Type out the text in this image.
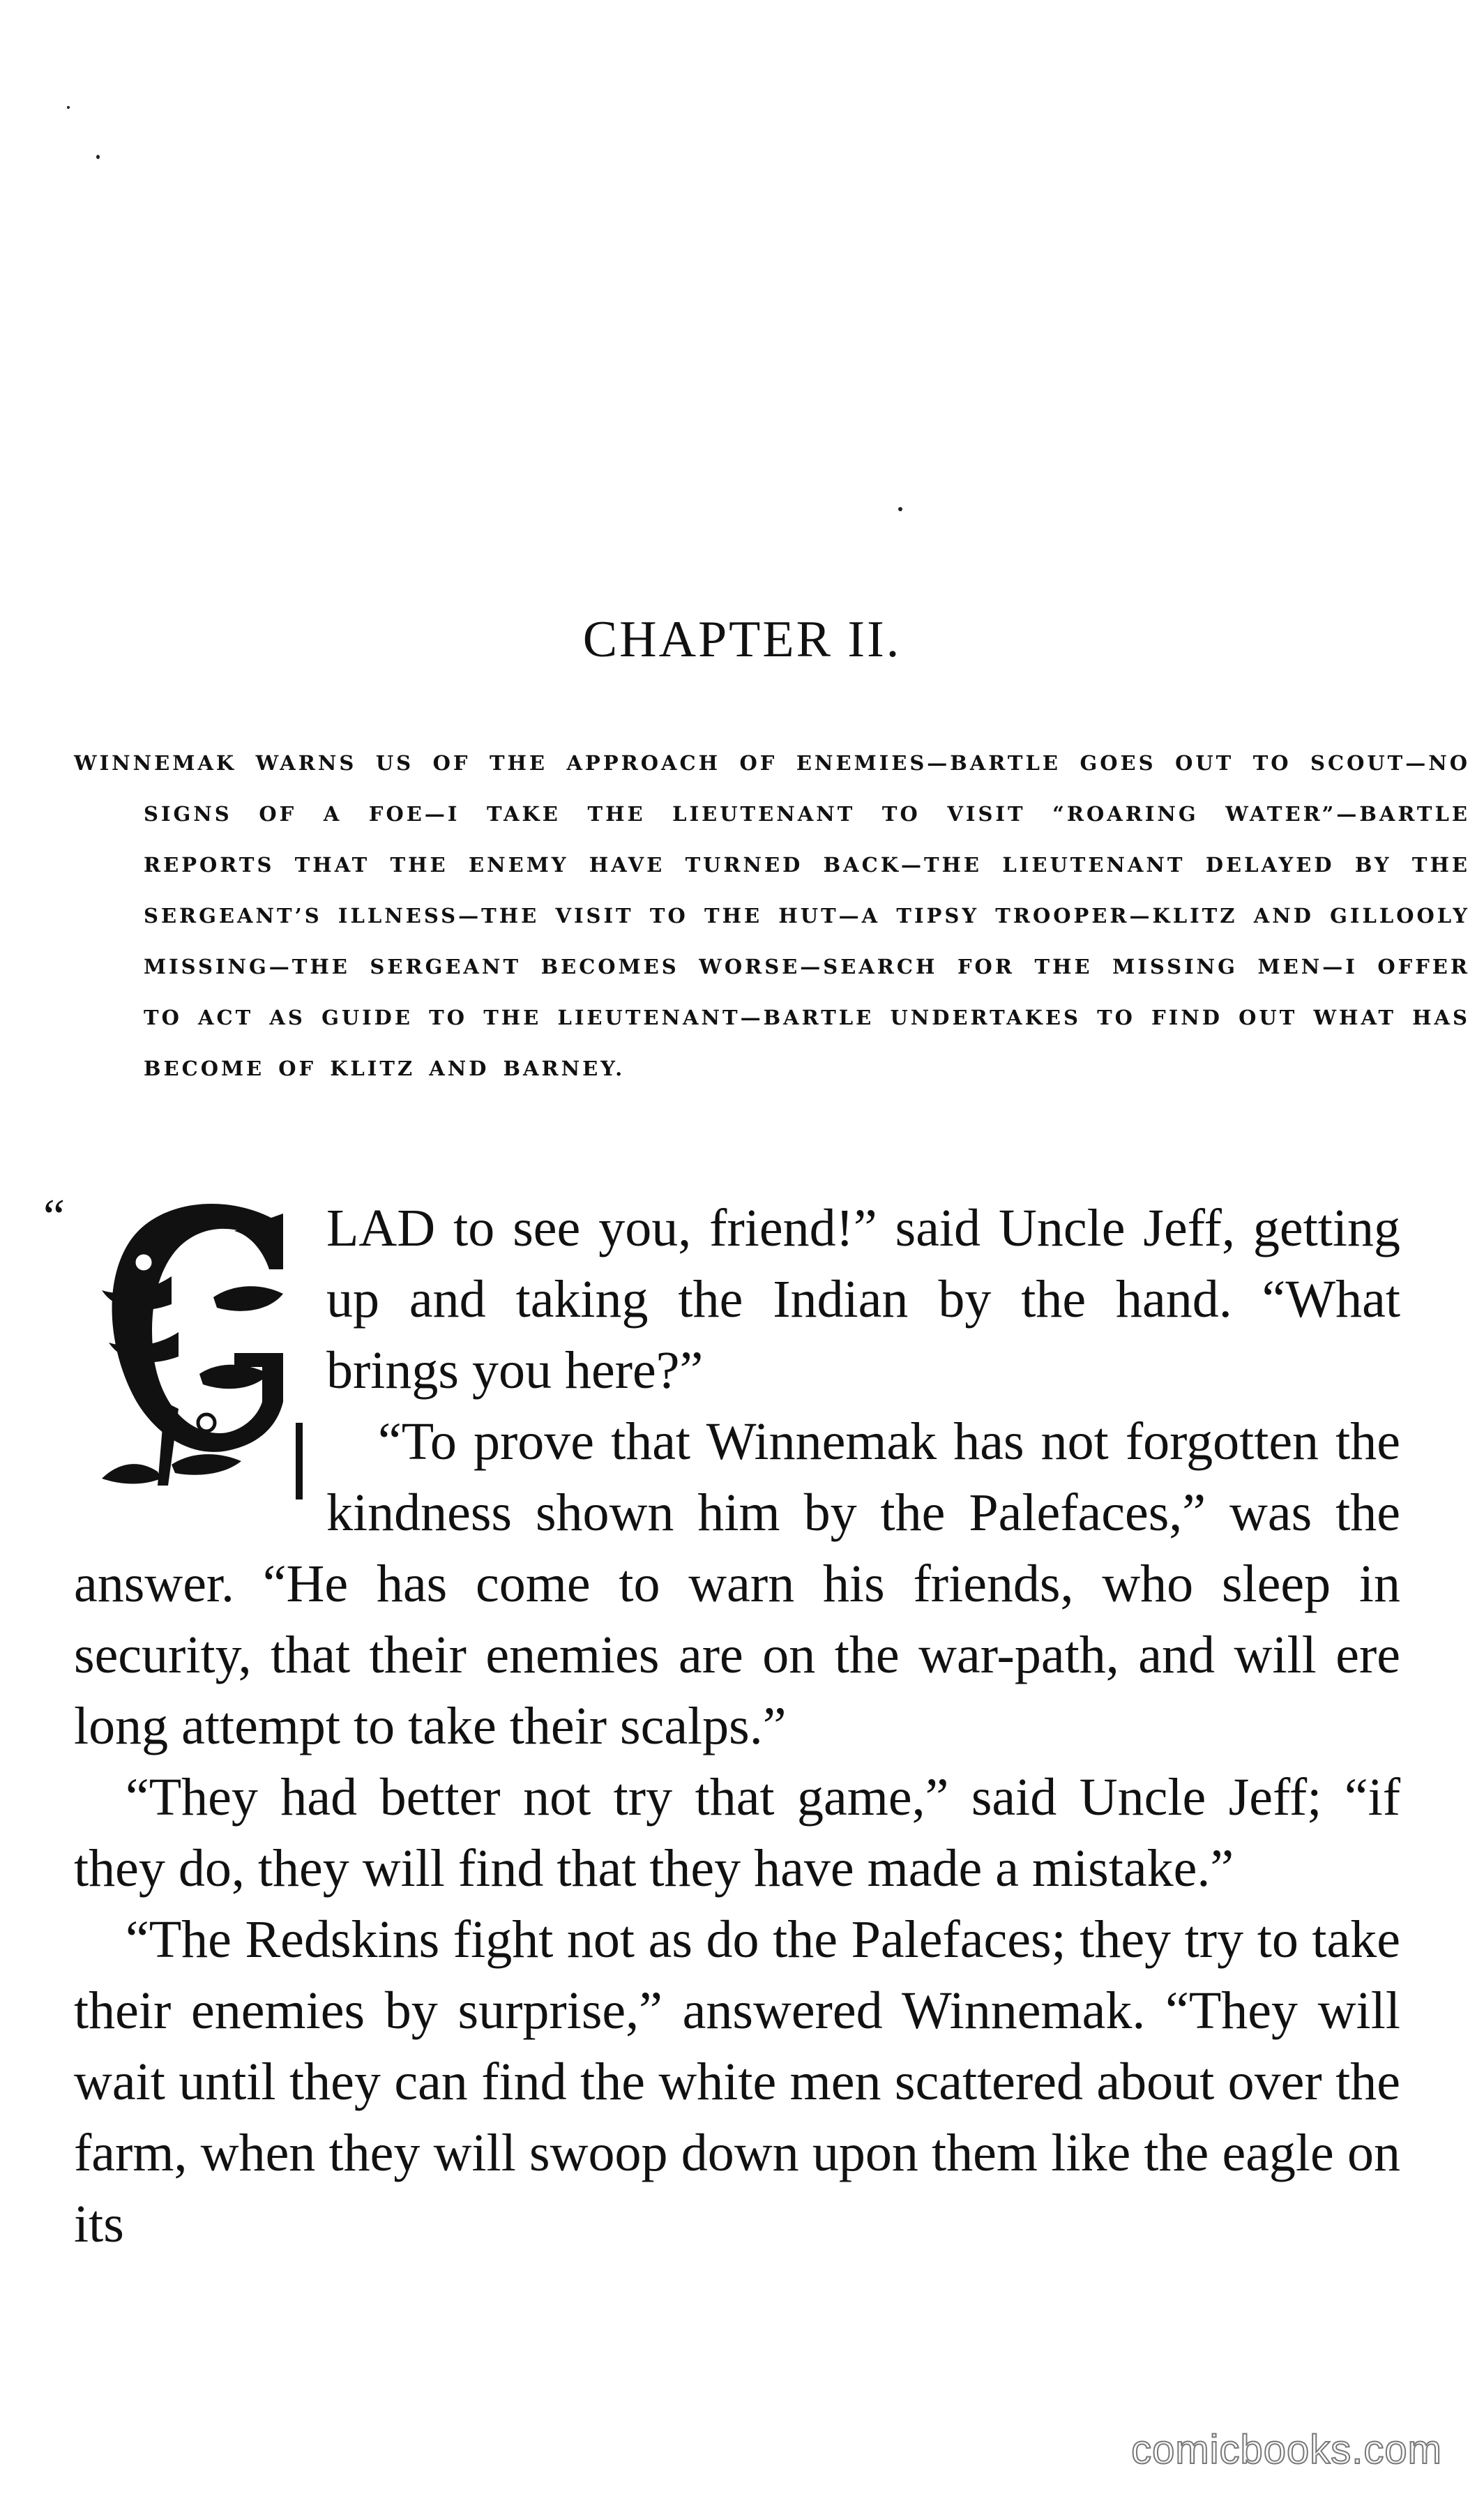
CHAPTER II.
WINNEMAK WARNS US OF THE APPROACH OF ENEMIES—BARTLE GOES OUT TO SCOUT—NO SIGNS OF A FOE—I TAKE THE LIEUTENANT TO VISIT “ROARING WATER”—BARTLE REPORTS THAT THE ENEMY HAVE TURNED BACK—THE LIEUTENANT DELAYED BY THE SERGEANT’S ILLNESS—THE VISIT TO THE HUT—A TIPSY TROOPER—KLITZ AND GILLOOLY MISSING—THE SERGEANT BECOMES WORSE—SEARCH FOR THE MISSING MEN—I OFFER TO ACT AS GUIDE TO THE LIEUTENANT—BARTLE UNDERTAKES TO FIND OUT WHAT HAS BECOME OF KLITZ AND BARNEY.
“	LAD to see you, friend!” said Uncle Jeff, getting up and taking the Indian by the hand. “What brings you here?”

“To prove that Winnemak has not forgotten the kindness shown him by the Palefaces,” was the answer. “He has come to warn his friends, who sleep in security, that their enemies are on the war-path, and will ere long attempt to take their scalps.”

“They had better not try that game,” said Uncle Jeff; “if they do, they will find that they have made a mistake.”

“The Redskins fight not as do the Palefaces; they try to take their enemies by surprise,” answered Winnemak. “They will wait until they can find the white men scattered about over the farm, when they will swoop down upon them like the eagle on its

comicbooks.com
